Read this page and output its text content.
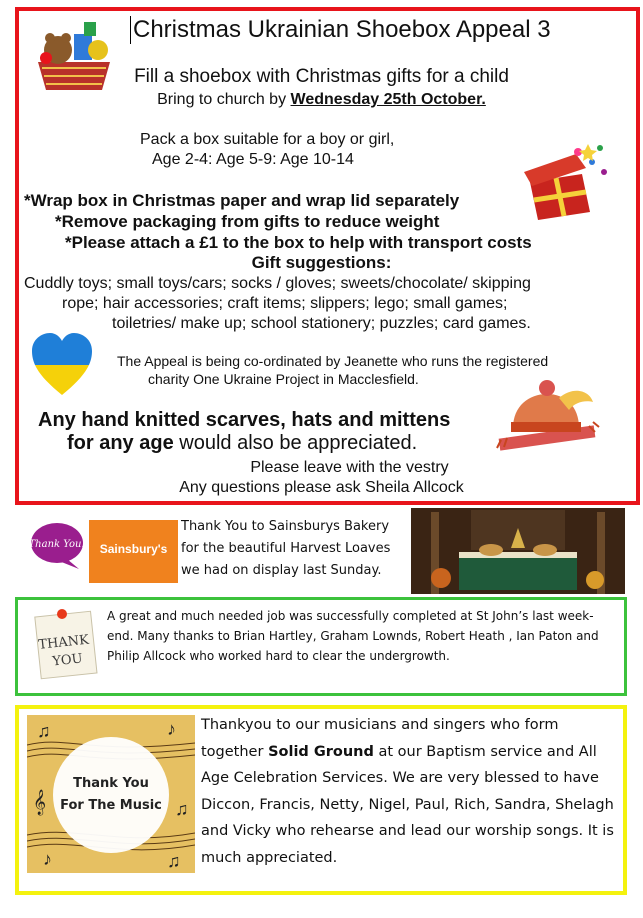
Christmas Ukrainian Shoebox Appeal 3
Fill a shoebox with Christmas gifts for a child
Bring to church by Wednesday 25th October.
Pack a box suitable for a boy or girl,
Age 2-4: Age 5-9: Age 10-14
*Wrap box in Christmas paper and wrap lid separately
*Remove packaging from gifts to reduce weight
*Please attach a £1 to the box to help with transport costs
Gift suggestions:
Cuddly toys; small toys/cars; socks / gloves; sweets/chocolate/ skipping
rope; hair accessories; craft items; slippers; lego; small games;
toiletries/ make up; school stationery; puzzles; card games.
The Appeal is being co-ordinated by Jeanette who runs the registered
charity One Ukraine Project in Macclesfield.
Any hand knitted scarves, hats and mittens
for any age would also be appreciated.
Please leave with the vestry
Any questions please ask Sheila Allcock
Thank You!	Sainsbury's
Thank You to Sainsburys Bakery
for the beautiful Harvest Loaves
we had on display last Sunday.
THANK
YOU
A great and much needed job was successfully completed at St John’s last week-end. Many thanks to Brian Hartley, Graham Lownds, Robert Heath , Ian Paton and Philip Allcock who worked hard to clear the undergrowth.
♫	♪
𝄞	♫
♪	♫
Thank You
For The Music
Thankyou to our musicians and singers who form together Solid Ground at our Baptism service and All Age Celebration Services. We are very blessed to have Diccon, Francis, Netty, Nigel, Paul, Rich, Sandra, Shelagh and Vicky who rehearse and lead our worship songs. It is much appreciated.
